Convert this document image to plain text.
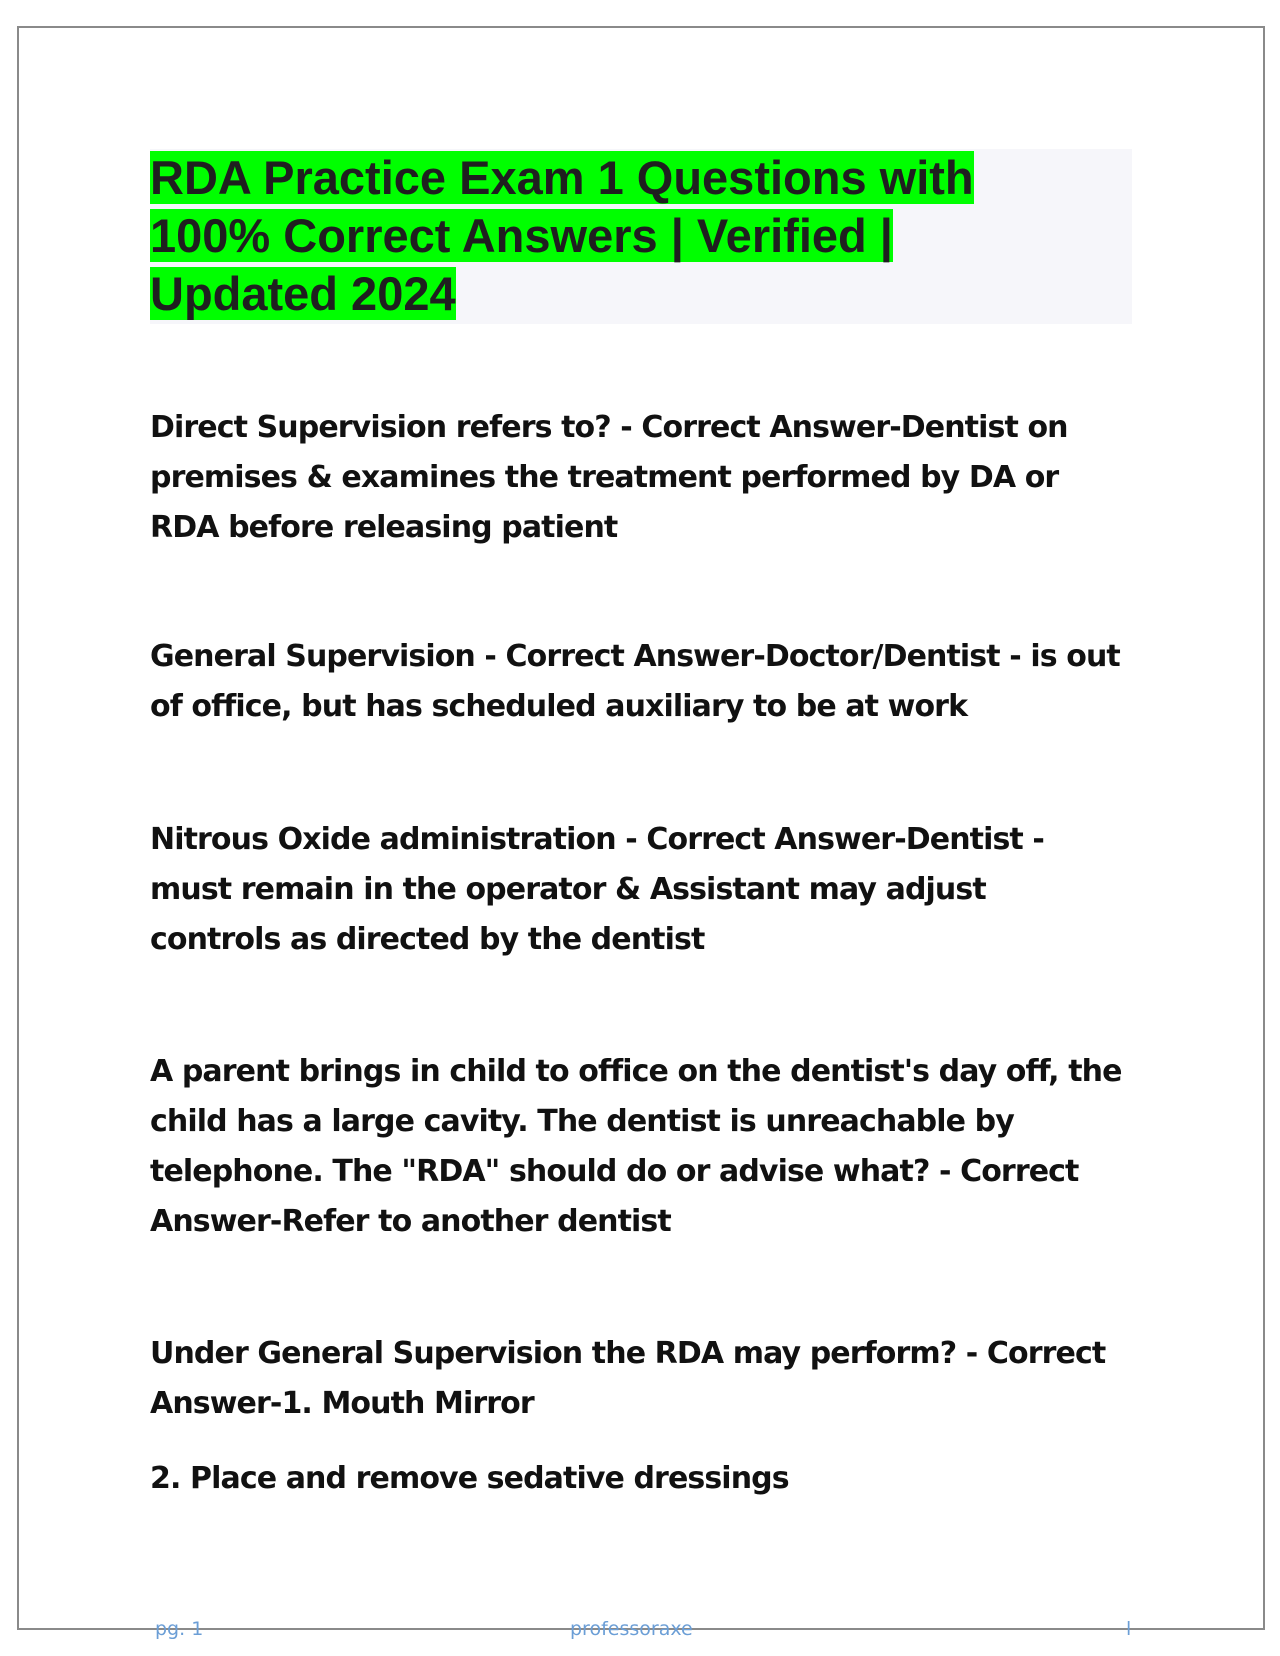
RDA Practice Exam 1 Questions with 100% Correct Answers | Verified | Updated 2024

Direct Supervision refers to? - Correct Answer-Dentist on premises & examines the treatment performed by DA or RDA before releasing patient

General Supervision - Correct Answer-Doctor/Dentist - is out of office, but has scheduled auxiliary to be at work

Nitrous Oxide administration - Correct Answer-Dentist - must remain in the operator & Assistant may adjust controls as directed by the dentist

A parent brings in child to office on the dentist's day off, the child has a large cavity. The dentist is unreachable by telephone. The "RDA" should do or advise what? - Correct Answer-Refer to another dentist

Under General Supervision the RDA may perform? - Correct Answer-1. Mouth Mirror

2. Place and remove sedative dressings

pg. 1	professoraxe	l
